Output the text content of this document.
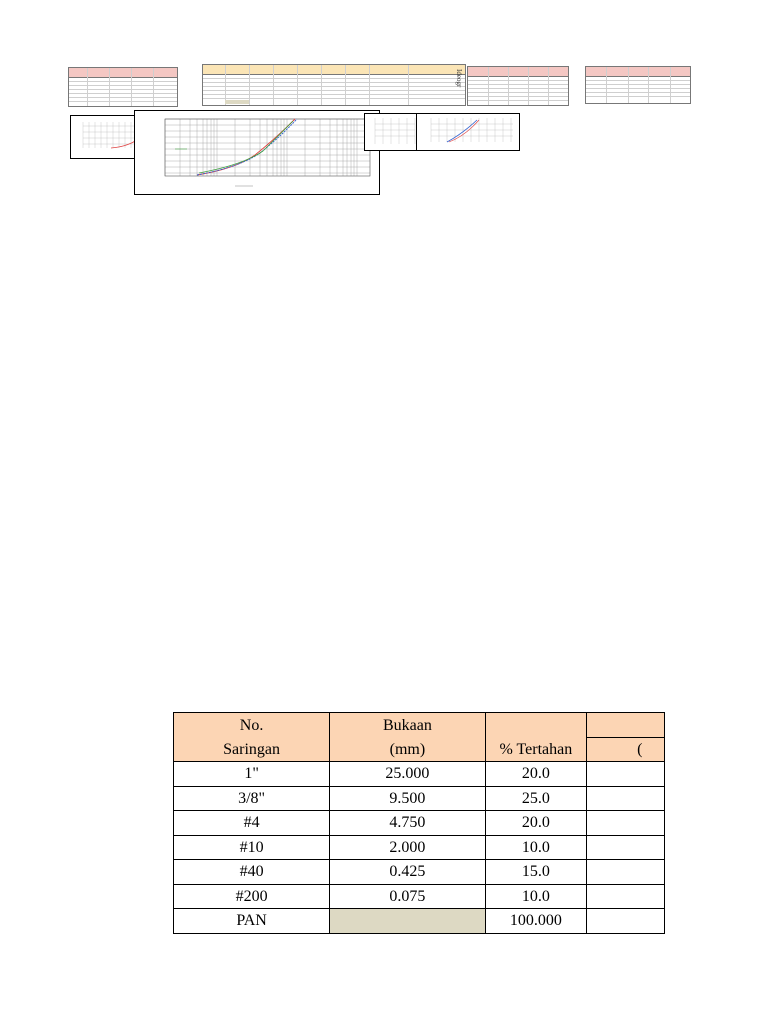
Ideogr
No.	Bukaan		
Saringan	(mm)	% Tertahan	(
1"	25.000	20.0	
3/8"	9.500	25.0	
#4	4.750	20.0	
#10	2.000	10.0	
#40	0.425	15.0	
#200	0.075	10.0	
PAN		100.000	
